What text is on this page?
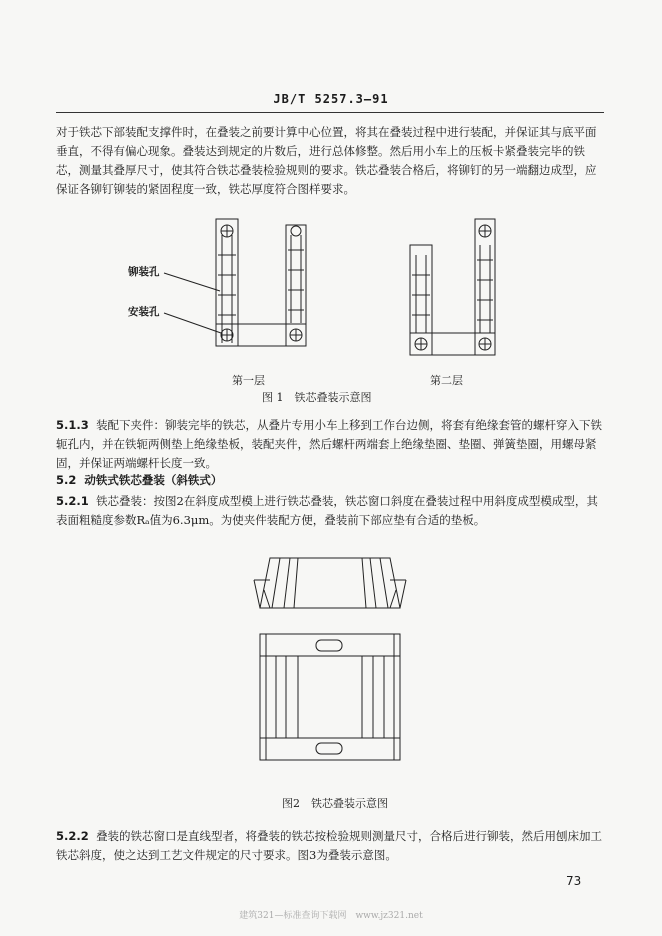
JB/T 5257.3—91
对于铁芯下部装配支撑件时，在叠装之前要计算中心位置，将其在叠装过程中进行装配，并保证其与底平面垂直，不得有偏心现象。叠装达到规定的片数后，进行总体修整。然后用小车上的压板卡紧叠装完毕的铁芯，测量其叠厚尺寸，使其符合铁芯叠装检验规则的要求。铁芯叠装合格后，将铆钉的另一端翻边成型，应保证各铆钉铆装的紧固程度一致，铁芯厚度符合图样要求。
铆装孔
安装孔
第一层	第二层
图 1　铁芯叠装示意图
5.1.3 装配下夹件：铆装完毕的铁芯，从叠片专用小车上移到工作台边侧，将套有绝缘套管的螺杆穿入下铁轭孔内，并在铁轭两侧垫上绝缘垫板，装配夹件，然后螺杆两端套上绝缘垫圈、垫圈、弹簧垫圈，用螺母紧固，并保证两端螺杆长度一致。
5.2 动铁式铁芯叠装（斜铁式）
5.2.1 铁芯叠装：按图2在斜度成型模上进行铁芯叠装，铁芯窗口斜度在叠装过程中用斜度成型模成型，其表面粗糙度参数Rₐ值为6.3μm。为使夹件装配方便，叠装前下部应垫有合适的垫板。
图2　铁芯叠装示意图
5.2.2 叠装的铁芯窗口是直线型者，将叠装的铁芯按检验规则测量尺寸，合格后进行铆装，然后用刨床加工铁芯斜度，使之达到工艺文件规定的尺寸要求。图3为叠装示意图。
73
建筑321—标准查询下载网　www.jz321.net
